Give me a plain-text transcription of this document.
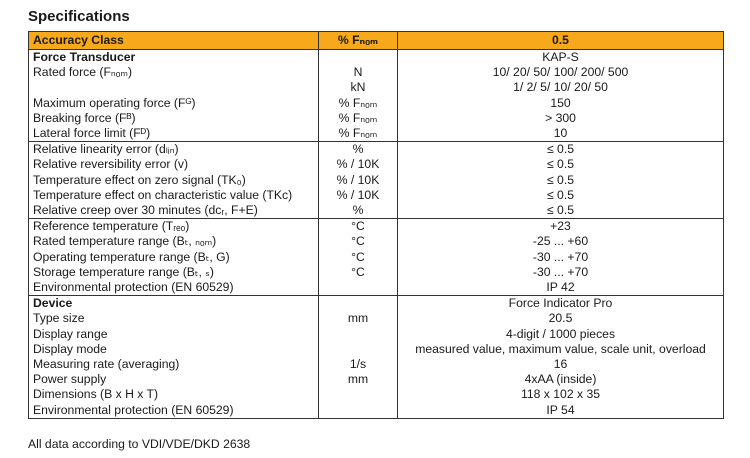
Specifications
Accuracy Class	% Fₙₒₘ	0.5
Force Transducer		KAP-S
Rated force (Fₙₒₘ)	N	10/ 20/ 50/ 100/ 200/ 500
	kN	1/ 2/ 5/ 10/ 20/ 50
Maximum operating force (Fᴳ)	% Fₙₒₘ	150
Breaking force (Fᴮ)	% Fₙₒₘ	> 300
Lateral force limit (Fᴰ)	% Fₙₒₘ	10
Relative linearity error (dₗᵢₙ)	%	≤ 0.5
Relative reversibility error (v)	% / 10K	≤ 0.5
Temperature effect on zero signal (TK₀)	% / 10K	≤ 0.5
Temperature effect on characteristic value (TKᴄ)	% / 10K	≤ 0.5
Relative creep over 30 minutes (dᴄᵣ, F+E)	%	≤ 0.5
Reference temperature (Tᵣₑₒ)	°C	+23
Rated temperature range (Bₜ, ₙₒₘ)	°C	-25 ... +60
Operating temperature range (Bₜ, G)	°C	-30 ... +70
Storage temperature range (Bₜ, ₛ)	°C	-30 ... +70
Environmental protection (EN 60529)		IP 42
Device		Force Indicator Pro
Type size	mm	20.5
Display range		4-digit / 1000 pieces
Display mode		measured value, maximum value, scale unit, overload
Measuring rate (averaging)	1/s	16
Power supply	mm	4xAA (inside)
Dimensions (B x H x T)		118 x 102 x 35
Environmental protection (EN 60529)		IP 54
All data according to VDI/VDE/DKD 2638
